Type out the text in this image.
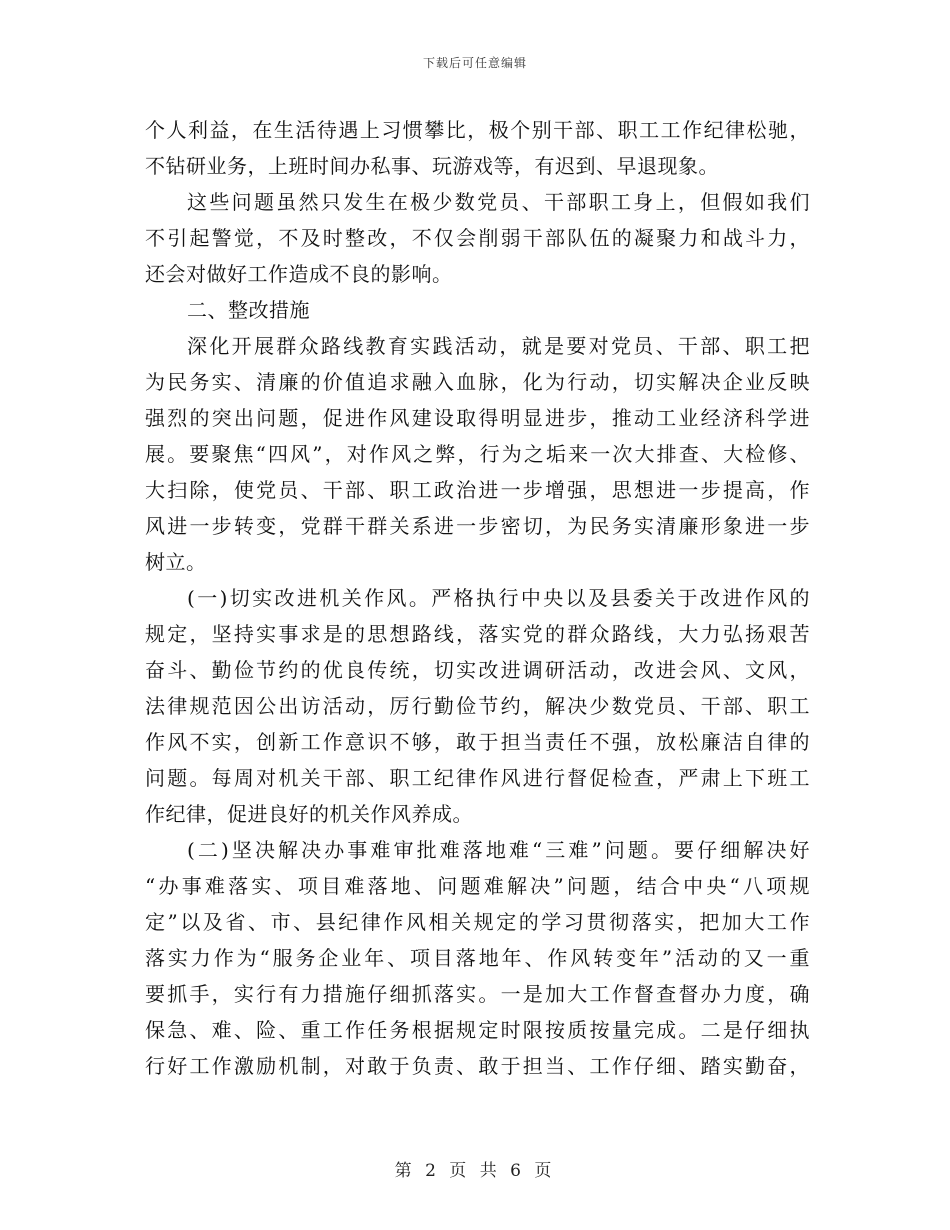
下载后可任意编辑
个人利益，在生活待遇上习惯攀比，极个别干部、职工工作纪律松驰，
不钻研业务，上班时间办私事、玩游戏等，有迟到、早退现象。
这些问题虽然只发生在极少数党员、干部职工身上，但假如我们
不引起警觉，不及时整改，不仅会削弱干部队伍的凝聚力和战斗力，
还会对做好工作造成不良的影响。
二、整改措施
深化开展群众路线教育实践活动，就是要对党员、干部、职工把
为民务实、清廉的价值追求融入血脉，化为行动，切实解决企业反映
强烈的突出问题，促进作风建设取得明显进步，推动工业经济科学进
展。要聚焦“四风”，对作风之弊，行为之垢来一次大排查、大检修、
大扫除，使党员、干部、职工政治进一步增强，思想进一步提高，作
风进一步转变，党群干群关系进一步密切，为民务实清廉形象进一步
树立。
(一)切实改进机关作风。严格执行中央以及县委关于改进作风的
规定，坚持实事求是的思想路线，落实党的群众路线，大力弘扬艰苦
奋斗、勤俭节约的优良传统，切实改进调研活动，改进会风、文风，
法律规范因公出访活动，厉行勤俭节约，解决少数党员、干部、职工
作风不实，创新工作意识不够，敢于担当责任不强，放松廉洁自律的
问题。每周对机关干部、职工纪律作风进行督促检查，严肃上下班工
作纪律，促进良好的机关作风养成。
(二)坚决解决办事难审批难落地难“三难”问题。要仔细解决好
“办事难落实、项目难落地、问题难解决”问题，结合中央“八项规
定”以及省、市、县纪律作风相关规定的学习贯彻落实，把加大工作
落实力作为“服务企业年、项目落地年、作风转变年”活动的又一重
要抓手，实行有力措施仔细抓落实。一是加大工作督查督办力度，确
保急、难、险、重工作任务根据规定时限按质按量完成。二是仔细执
行好工作激励机制，对敢于负责、敢于担当、工作仔细、踏实勤奋，
第 2 页 共 6 页
